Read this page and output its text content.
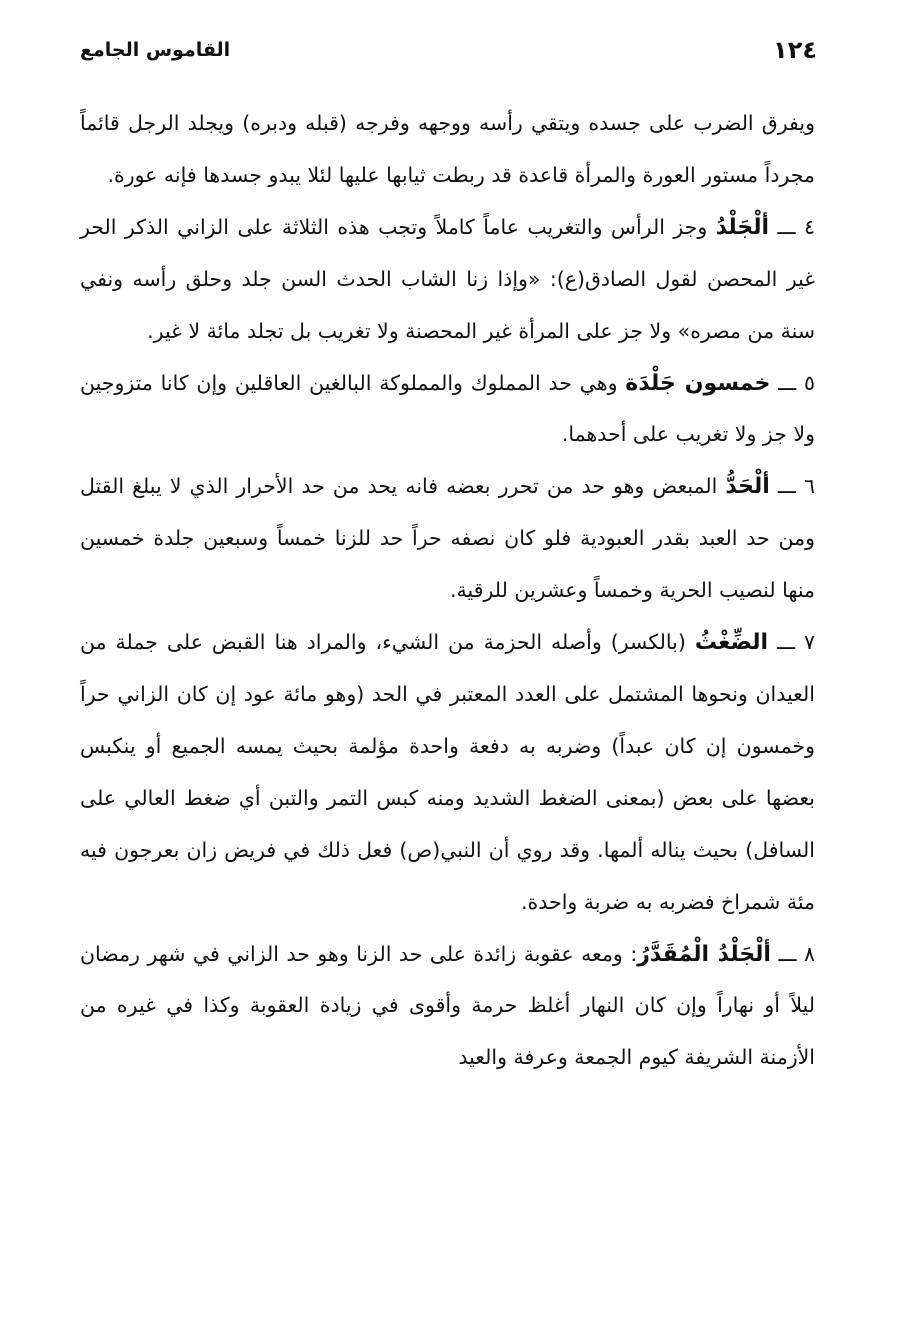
١٢٤
القاموس الجامع

ويفرق الضرب على جسده ويتقي رأسه ووجهه وفرجه (قبله ودبره) ويجلد الرجل قائماً مجرداً مستور العورة والمرأة قاعدة قد ربطت ثيابها عليها لئلا يبدو جسدها فإنه عورة.

٤ ـــ ألْجَلْدُ وجز الرأس والتغريب عاماً كاملاً وتجب هذه الثلاثة على الزاني الذكر الحر غير المحصن لقول الصادق(ع): «وإذا زنا الشاب الحدث السن جلد وحلق رأسه ونفي سنة من مصره» ولا جز على المرأة غير المحصنة ولا تغريب بل تجلد مائة لا غير.

٥ ـــ خمسون جَلْدَة وهي حد المملوك والمملوكة البالغين العاقلين وإن كانا متزوجين ولا جز ولا تغريب على أحدهما.

٦ ـــ ألْحَدُّ المبعض وهو حد من تحرر بعضه فانه يحد من حد الأحرار الذي لا يبلغ القتل ومن حد العبد بقدر العبودية فلو كان نصفه حراً حد للزنا خمساً وسبعين جلدة خمسين منها لنصيب الحرية وخمساً وعشرين للرقية.

٧ ـــ الضِّغْثُ (بالكسر) وأصله الحزمة من الشيء، والمراد هنا القبض على جملة من العيدان ونحوها المشتمل على العدد المعتبر في الحد (وهو مائة عود إن كان الزاني حراً وخمسون إن كان عبداً) وضربه به دفعة واحدة مؤلمة بحيث يمسه الجميع أو ينكبس بعضها على بعض (بمعنى الضغط الشديد ومنه كبس التمر والتبن أي ضغط العالي على السافل) بحيث يناله ألمها. وقد روي أن النبي(ص) فعل ذلك في فريض زان بعرجون فيه مئة شمراخ فضربه به ضربة واحدة.

٨ ـــ ألْجَلْدُ الْمُقَدَّرُ: ومعه عقوبة زائدة على حد الزنا وهو حد الزاني في شهر رمضان ليلاً أو نهاراً وإن كان النهار أغلظ حرمة وأقوى في زيادة العقوبة وكذا في غيره من الأزمنة الشريفة كيوم الجمعة وعرفة والعيد
